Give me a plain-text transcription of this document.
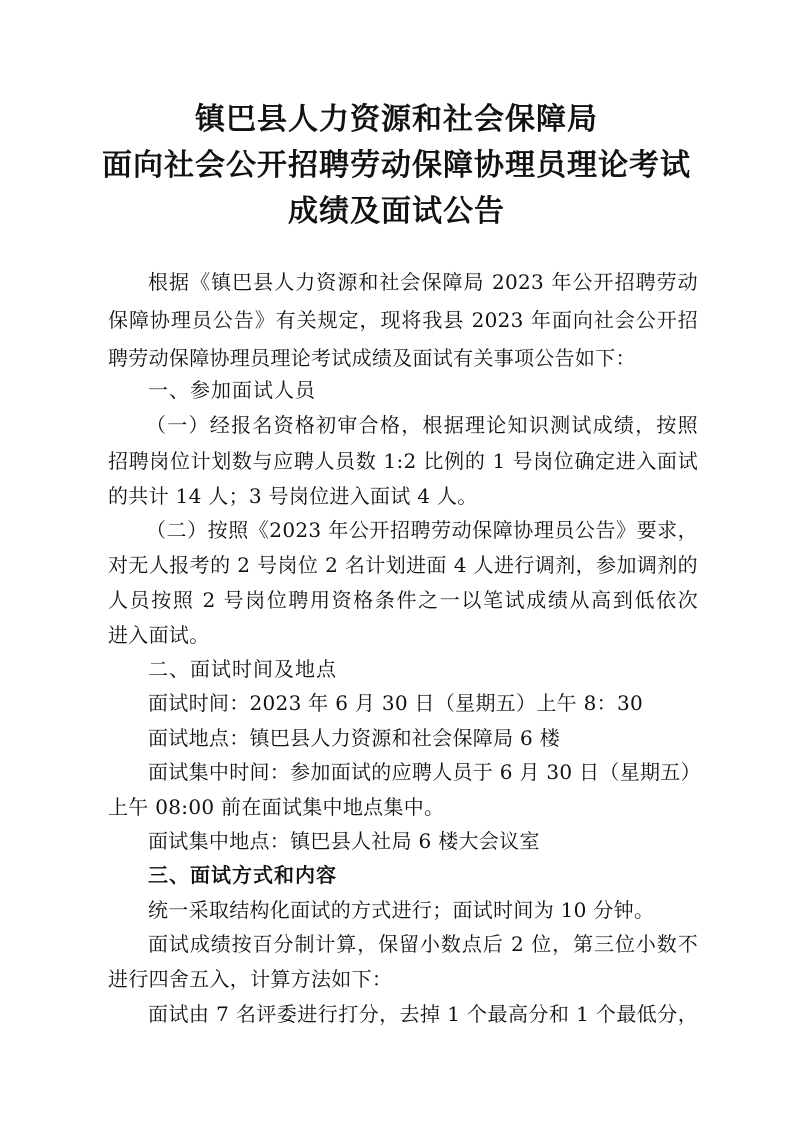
镇巴县人力资源和社会保障局
面向社会公开招聘劳动保障协理员理论考试
成绩及面试公告
根据《镇巴县人力资源和社会保障局 2023 年公开招聘劳动
保障协理员公告》有关规定，现将我县 2023 年面向社会公开招
聘劳动保障协理员理论考试成绩及面试有关事项公告如下：
一、参加面试人员
（一）经报名资格初审合格，根据理论知识测试成绩，按照
招聘岗位计划数与应聘人员数 1:2 比例的 1 号岗位确定进入面试
的共计 14 人；3 号岗位进入面试 4 人。
（二）按照《2023 年公开招聘劳动保障协理员公告》要求，
对无人报考的 2 号岗位 2 名计划进面 4 人进行调剂，参加调剂的
人员按照 2 号岗位聘用资格条件之一以笔试成绩从高到低依次
进入面试。
二、面试时间及地点
面试时间：2023 年 6 月 30 日（星期五）上午 8：30
面试地点：镇巴县人力资源和社会保障局 6 楼
面试集中时间：参加面试的应聘人员于 6 月 30 日（星期五）
上午 08:00 前在面试集中地点集中。
面试集中地点：镇巴县人社局 6 楼大会议室
三、面试方式和内容
统一采取结构化面试的方式进行；面试时间为 10 分钟。
面试成绩按百分制计算，保留小数点后 2 位，第三位小数不
进行四舍五入，计算方法如下：
面试由 7 名评委进行打分，去掉 1 个最高分和 1 个最低分，
